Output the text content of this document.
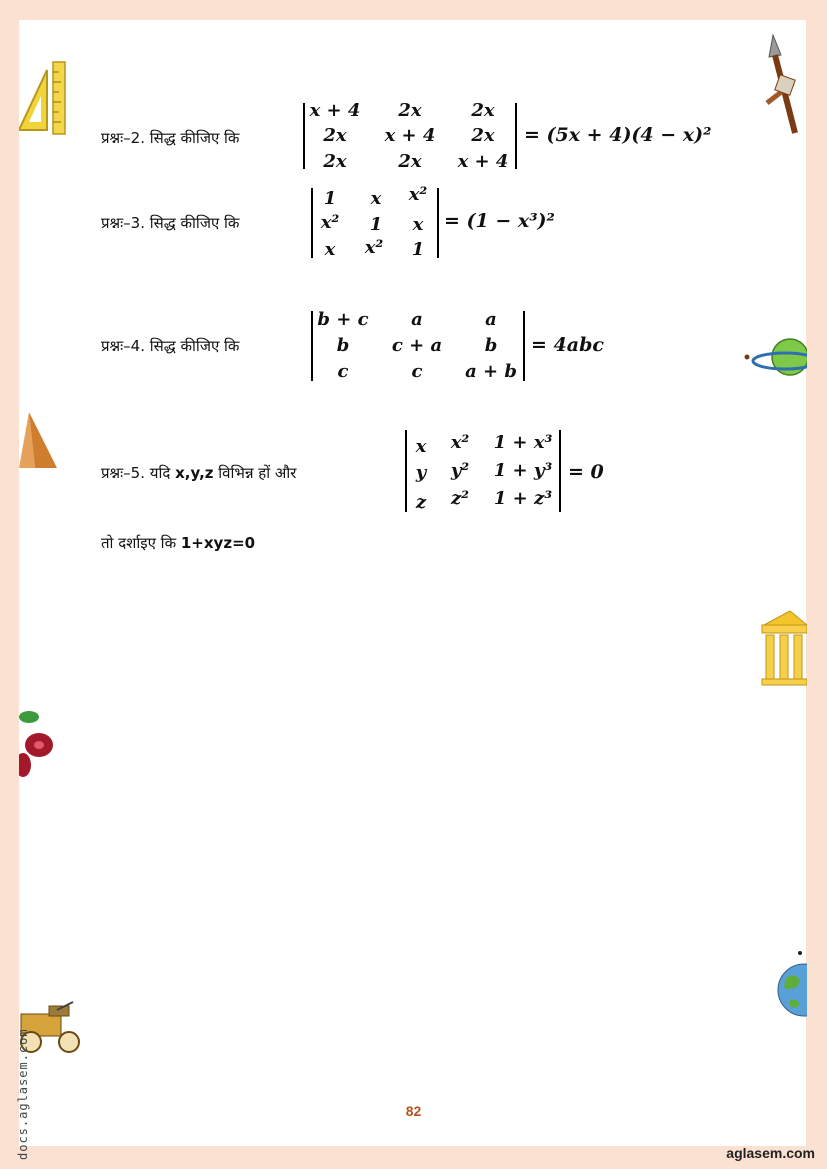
प्रश्नः–2. सिद्ध कीजिए कि
x + 4	2x	2x
2x	x + 4	2x
2x	2x	x + 4
= (5x + 4)(4 − x)²
प्रश्नः–3. सिद्ध कीजिए कि
1	x	x²
x²	1	x
x	x²	1
= (1 − x³)²
प्रश्नः–4. सिद्ध कीजिए कि
b + c	a	a
b	c + a	b
c	c	a + b
= 4abc
प्रश्नः–5. यदि x,y,z विभिन्न हों और
x	x²	1 + x³
y	y²	1 + y³
z	z²	1 + z³
= 0
तो दर्शाइए कि 1+xyz=0
82
aglasem.com
docs.aglasem.com
